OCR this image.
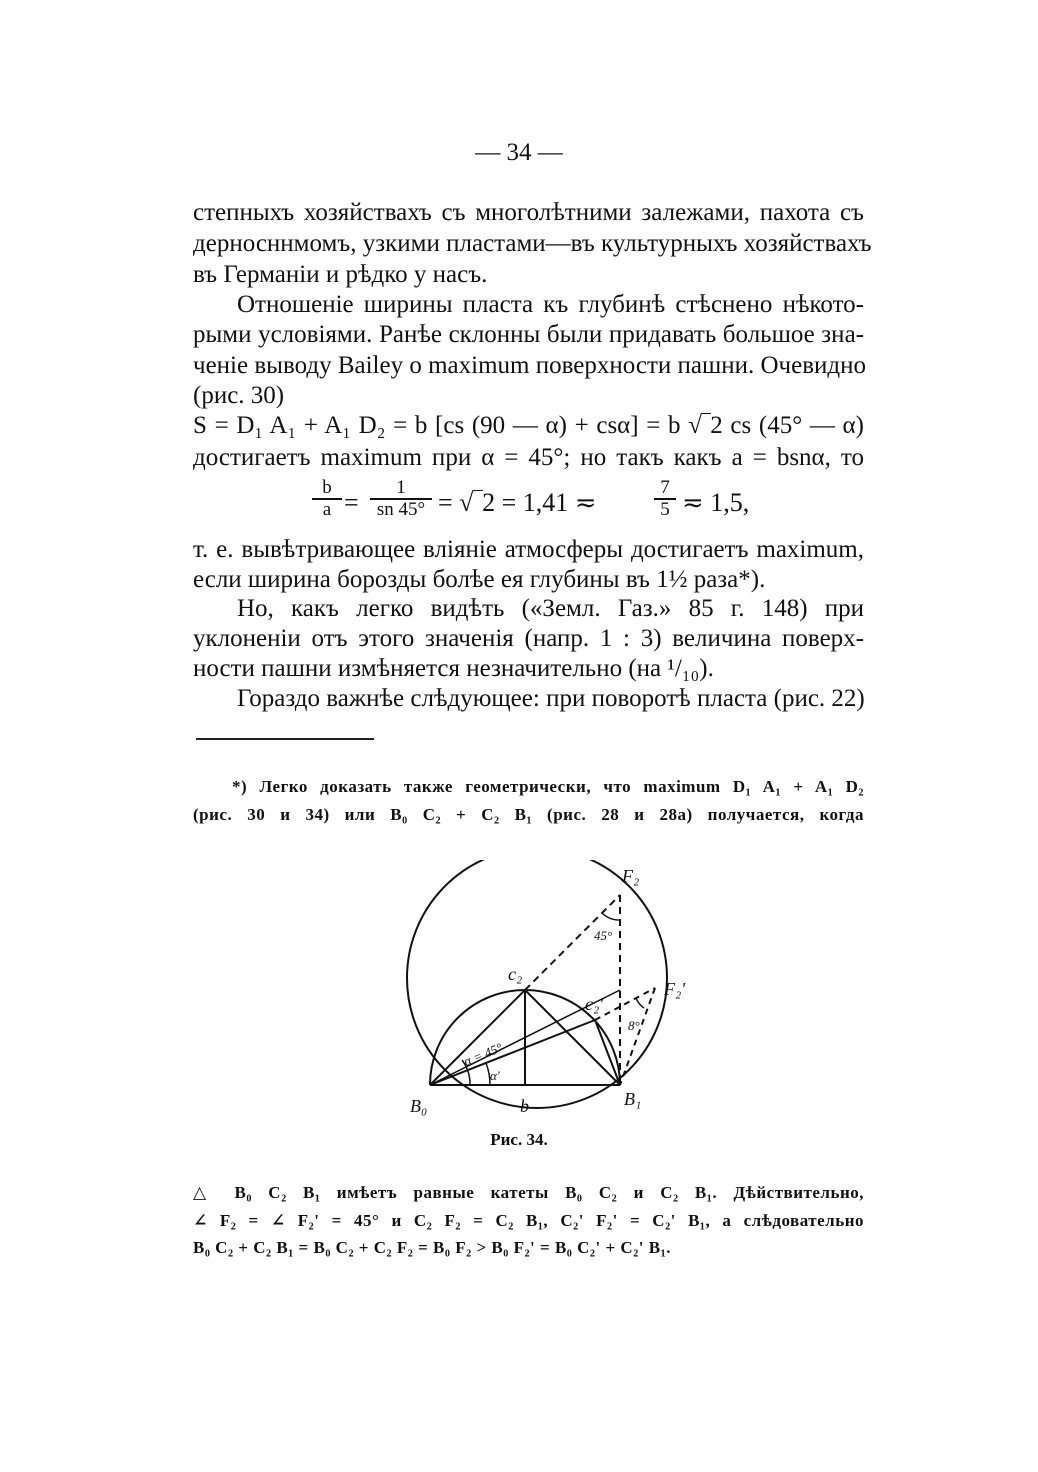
— 34 —
степныхъ хозяйствахъ съ многолѣтними залежами, пахота съ
дерносннмомъ, узкими пластами—въ культурныхъ хозяйствахъ
въ Германiи и рѣдко у насъ.
Отношенiе ширины пласта къ глубинѣ стѣснено нѣкото-
рыми условiями. Ранѣе склонны были придавать большое зна-
ченiе выводу Bailey о maximum поверхности пашни. Очевидно
(рис. 30)
S = D₁ A₁ + A₁ D₂ = b [cs (90 — α) + csα] = b √‾2 cs (45° — α)
достигаетъ maximum при α = 45°; но такъ какъ a = bsnα, то
$\frac{b}{a} = \frac{1}{sn 45^\circ}$ = √‾2 = 1,41 ≂	$\frac{7}{5}$ ≂ 1,5,
т. е. вывѣтривающее влiянiе атмосферы достигаетъ maximum,
если ширина борозды болѣе ея глубины въ 1½ раза*).
Но, какъ легко видѣть («Земл. Газ.» 85 г. 148) при
уклоненiи отъ этого значенiя (напр. 1 : 3) величина поверх-
ности пашни измѣняется незначительно (на ¹/₁₀).
Гораздо важнѣе слѣдующее: при поворотѣ пласта (рис. 22)
*) Легко доказать также геометрически, что maximum D₁ A₁ + A₁ D₂
(рис. 30 и 34) или B₀ C₂ + C₂ B₁ (рис. 28 и 28а) получается, когда
F₂
F₂'
c₂
c₂'
B₀	B₁
b
α = 45°
α'
45°
8°
Рис. 34.
△ B₀ C₂ B₁ имѣетъ равные катеты B₀ C₂ и C₂ B₁. Дѣйствительно,
∠ F₂ = ∠ F₂' = 45° и C₂ F₂ = C₂ B₁, C₂' F₂' = C₂' B₁, а слѣдовательно
B₀ C₂ + C₂ B₁ = B₀ C₂ + C₂ F₂ = B₀ F₂ > B₀ F₂' = B₀ C₂' + C₂' B₁.
